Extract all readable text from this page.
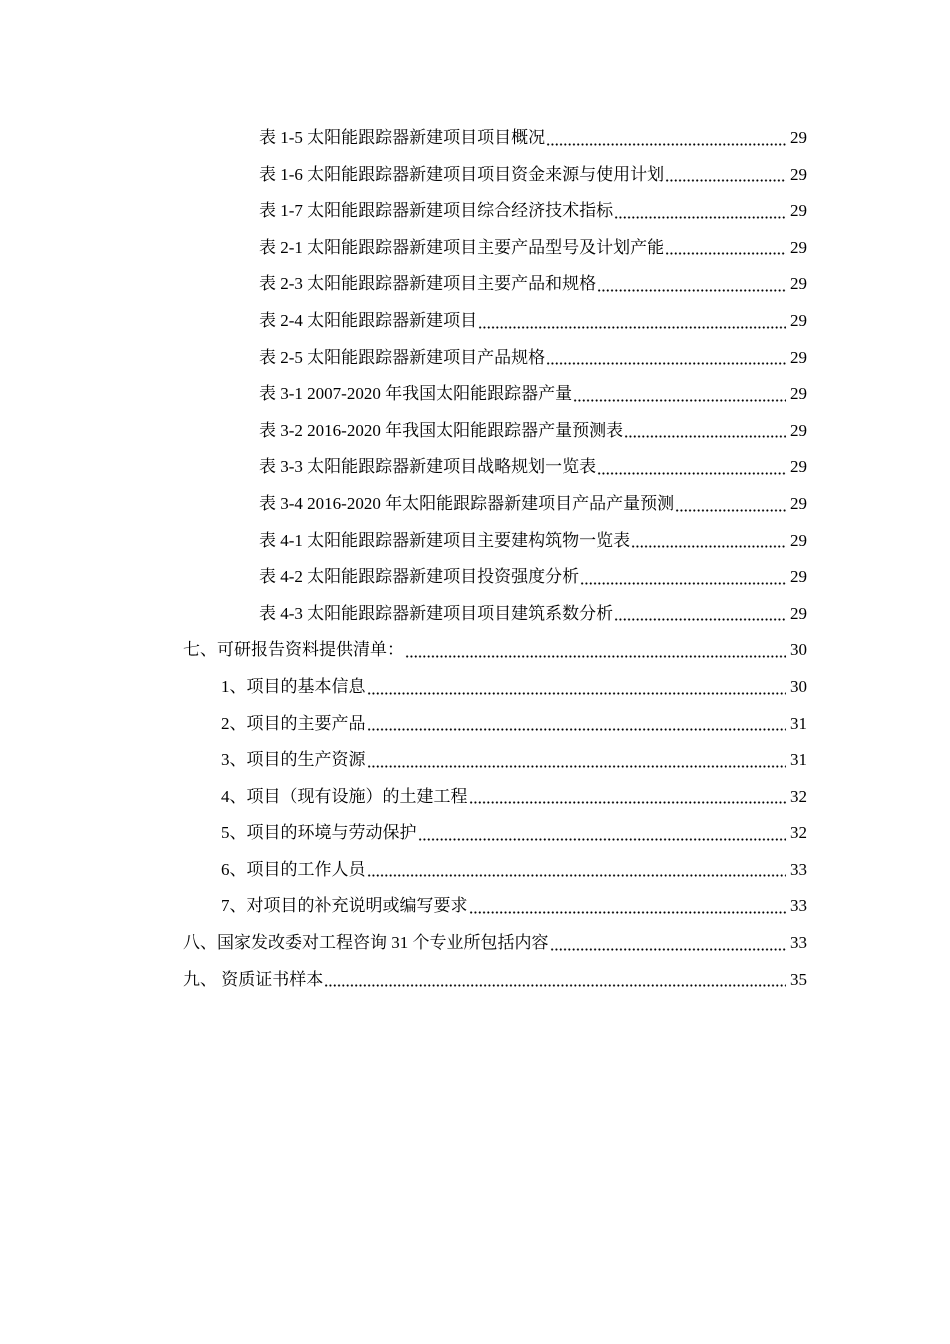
表 1-5 太阳能跟踪器新建项目项目概况	29
表 1-6 太阳能跟踪器新建项目项目资金来源与使用计划	29
表 1-7 太阳能跟踪器新建项目综合经济技术指标	29
表 2-1 太阳能跟踪器新建项目主要产品型号及计划产能	29
表 2-3 太阳能跟踪器新建项目主要产品和规格	29
表 2-4 太阳能跟踪器新建项目	29
表 2-5 太阳能跟踪器新建项目产品规格	29
表 3-1 2007-2020 年我国太阳能跟踪器产量	29
表 3-2 2016-2020 年我国太阳能跟踪器产量预测表	29
表 3-3 太阳能跟踪器新建项目战略规划一览表	29
表 3-4 2016-2020 年太阳能跟踪器新建项目产品产量预测	29
表 4-1 太阳能跟踪器新建项目主要建构筑物一览表	29
表 4-2 太阳能跟踪器新建项目投资强度分析	29
表 4-3 太阳能跟踪器新建项目项目建筑系数分析	29
七、可研报告资料提供清单：	30
1、项目的基本信息	30
2、项目的主要产品	31
3、项目的生产资源	31
4、项目（现有设施）的土建工程	32
5、项目的环境与劳动保护	32
6、项目的工作人员	33
7、对项目的补充说明或编写要求	33
八、国家发改委对工程咨询 31 个专业所包括内容	33
九、 资质证书样本	35
